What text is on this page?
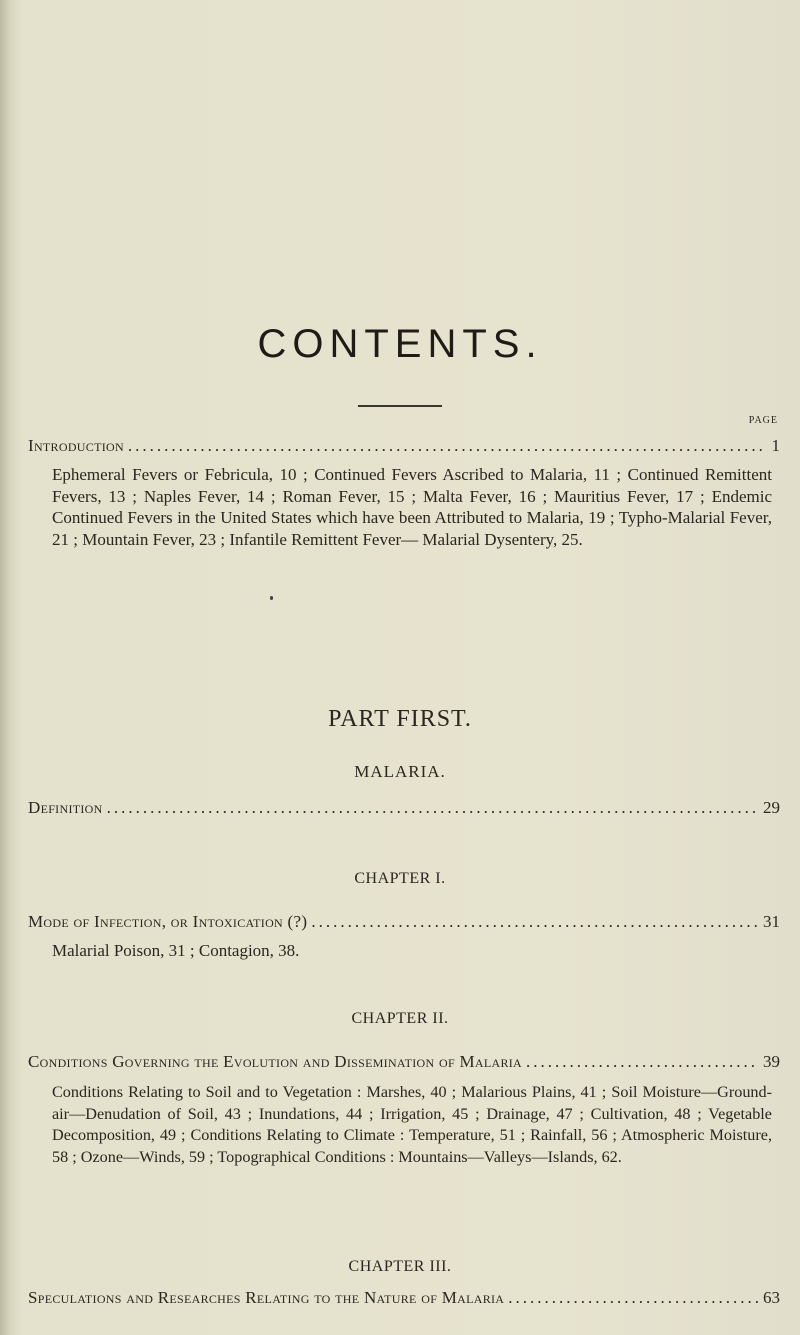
CONTENTS.
PAGE
Introduction .....	1
Ephemeral Fevers or Febricula, 10 ; Continued Fevers Ascribed to Malaria, 11 ; Continued Remittent Fevers, 13 ; Naples Fever, 14 ; Roman Fever, 15 ; Malta Fever, 16 ; Mauritius Fever, 17 ; Endemic Continued Fevers in the United States which have been Attributed to Malaria, 19 ; Typho-Malarial Fever, 21 ; Mountain Fever, 23 ; Infantile Remittent Fever— Malarial Dysentery, 25.
PART FIRST.
MALARIA.
Definition .....	29
CHAPTER I.
Mode of Infection, or Intoxication (?) .....	31
Malarial Poison, 31 ; Contagion, 38.
CHAPTER II.
Conditions Governing the Evolution and Dissemination of Malaria .....	39
Conditions Relating to Soil and to Vegetation : Marshes, 40 ; Malarious Plains, 41 ; Soil Moisture—Ground-air—Denudation of Soil, 43 ; Inundations, 44 ; Irrigation, 45 ; Drainage, 47 ; Cultivation, 48 ; Vegetable Decomposition, 49 ; Conditions Relating to Climate : Temperature, 51 ; Rainfall, 56 ; Atmospheric Moisture, 58 ; Ozone—Winds, 59 ; Topographical Conditions : Mountains—Valleys—Islands, 62.
CHAPTER III.
Speculations and Researches Relating to the Nature of Malaria .....	63
